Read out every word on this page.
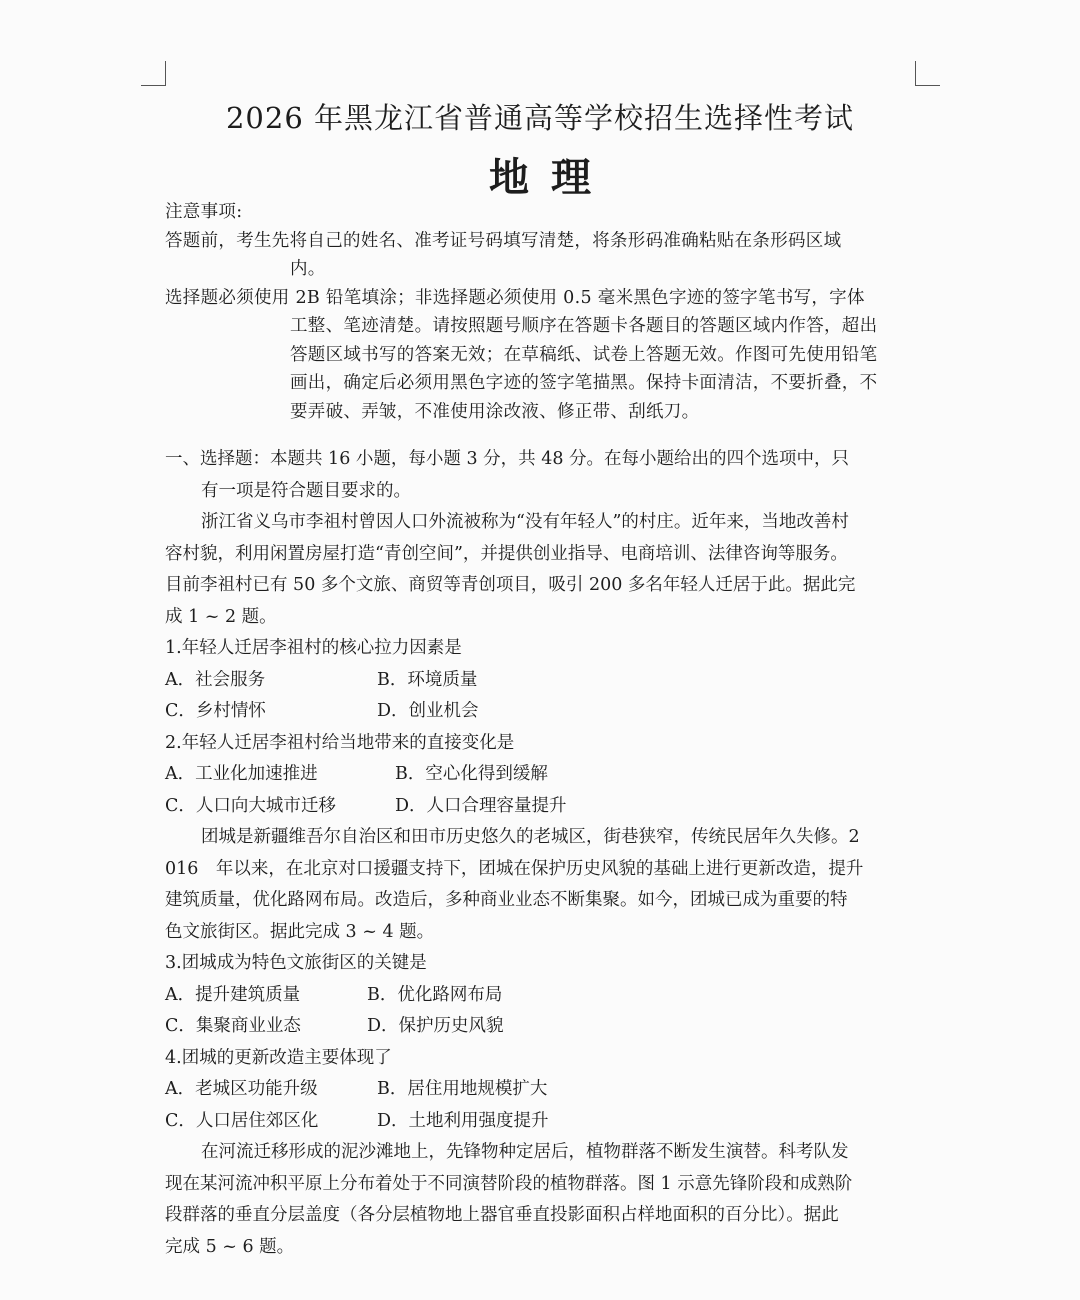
2026 年黑龙江省普通高等学校招生选择性考试
地理
注意事项:
答题前，考生先将自己的姓名、准考证号码填写清楚，将条形码准确粘贴在条形码区域
内。
选择题必须使用 2B 铅笔填涂；非选择题必须使用 0.5 毫米黑色字迹的签字笔书写，字体
工整、笔迹清楚。请按照题号顺序在答题卡各题目的答题区域内作答，超出
答题区域书写的答案无效；在草稿纸、试卷上答题无效。作图可先使用铅笔
画出，确定后必须用黑色字迹的签字笔描黑。保持卡面清洁，不要折叠，不
要弄破、弄皱，不准使用涂改液、修正带、刮纸刀。
一、选择题：本题共 16 小题，每小题 3 分，共 48 分。在每小题给出的四个选项中，只
有一项是符合题目要求的。
浙江省义乌市李祖村曾因人口外流被称为“没有年轻人”的村庄。近年来，当地改善村
容村貌，利用闲置房屋打造“青创空间”，并提供创业指导、电商培训、法律咨询等服务。
目前李祖村已有 50 多个文旅、商贸等青创项目，吸引 200 多名年轻人迁居于此。据此完
成 1 ~ 2 题。
1.年轻人迁居李祖村的核心拉力因素是
A．社会服务	B．环境质量
C．乡村情怀	D．创业机会
2.年轻人迁居李祖村给当地带来的直接变化是
A．工业化加速推进	B．空心化得到缓解
C．人口向大城市迁移	D．人口合理容量提升
团城是新疆维吾尔自治区和田市历史悠久的老城区，街巷狭窄，传统民居年久失修。2
016　年以来，在北京对口援疆支持下，团城在保护历史风貌的基础上进行更新改造，提升
建筑质量，优化路网布局。改造后，多种商业业态不断集聚。如今，团城已成为重要的特
色文旅街区。据此完成 3 ~ 4 题。
3.团城成为特色文旅街区的关键是
A．提升建筑质量	B．优化路网布局
C．集聚商业业态	D．保护历史风貌
4.团城的更新改造主要体现了
A．老城区功能升级	B．居住用地规模扩大
C．人口居住郊区化	D．土地利用强度提升
在河流迁移形成的泥沙滩地上，先锋物种定居后，植物群落不断发生演替。科考队发
现在某河流冲积平原上分布着处于不同演替阶段的植物群落。图 1 示意先锋阶段和成熟阶
段群落的垂直分层盖度（各分层植物地上器官垂直投影面积占样地面积的百分比）。据此
完成 5 ~ 6 题。
